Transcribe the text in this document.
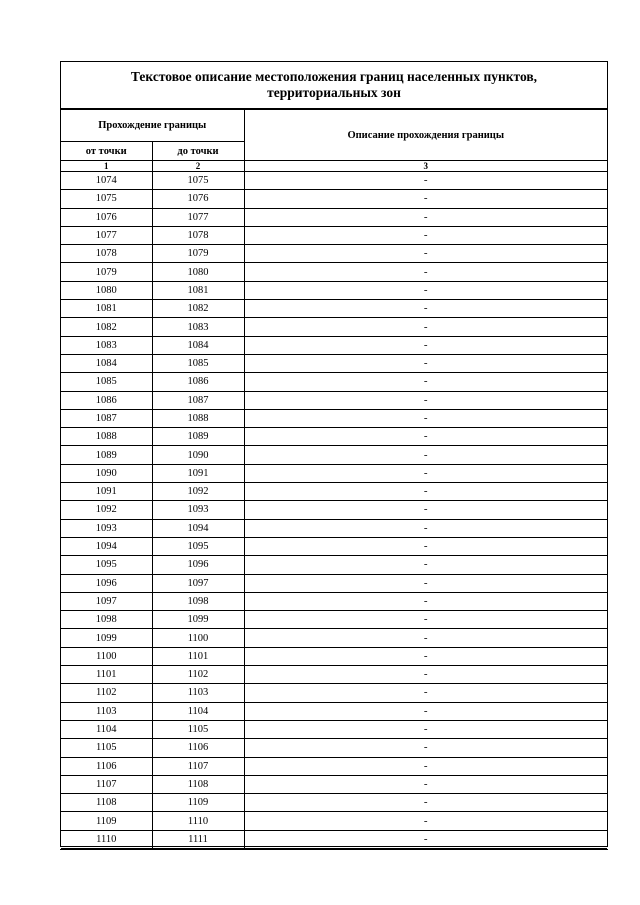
Текстовое описание местоположения границ населенных пунктов,
территориальных зон
Прохождение границы		Описание прохождения границы
от точки	до точки	
1	2	3
1074	1075	-
1075	1076	-
1076	1077	-
1077	1078	-
1078	1079	-
1079	1080	-
1080	1081	-
1081	1082	-
1082	1083	-
1083	1084	-
1084	1085	-
1085	1086	-
1086	1087	-
1087	1088	-
1088	1089	-
1089	1090	-
1090	1091	-
1091	1092	-
1092	1093	-
1093	1094	-
1094	1095	-
1095	1096	-
1096	1097	-
1097	1098	-
1098	1099	-
1099	1100	-
1100	1101	-
1101	1102	-
1102	1103	-
1103	1104	-
1104	1105	-
1105	1106	-
1106	1107	-
1107	1108	-
1108	1109	-
1109	1110	-
1110	1111	-
